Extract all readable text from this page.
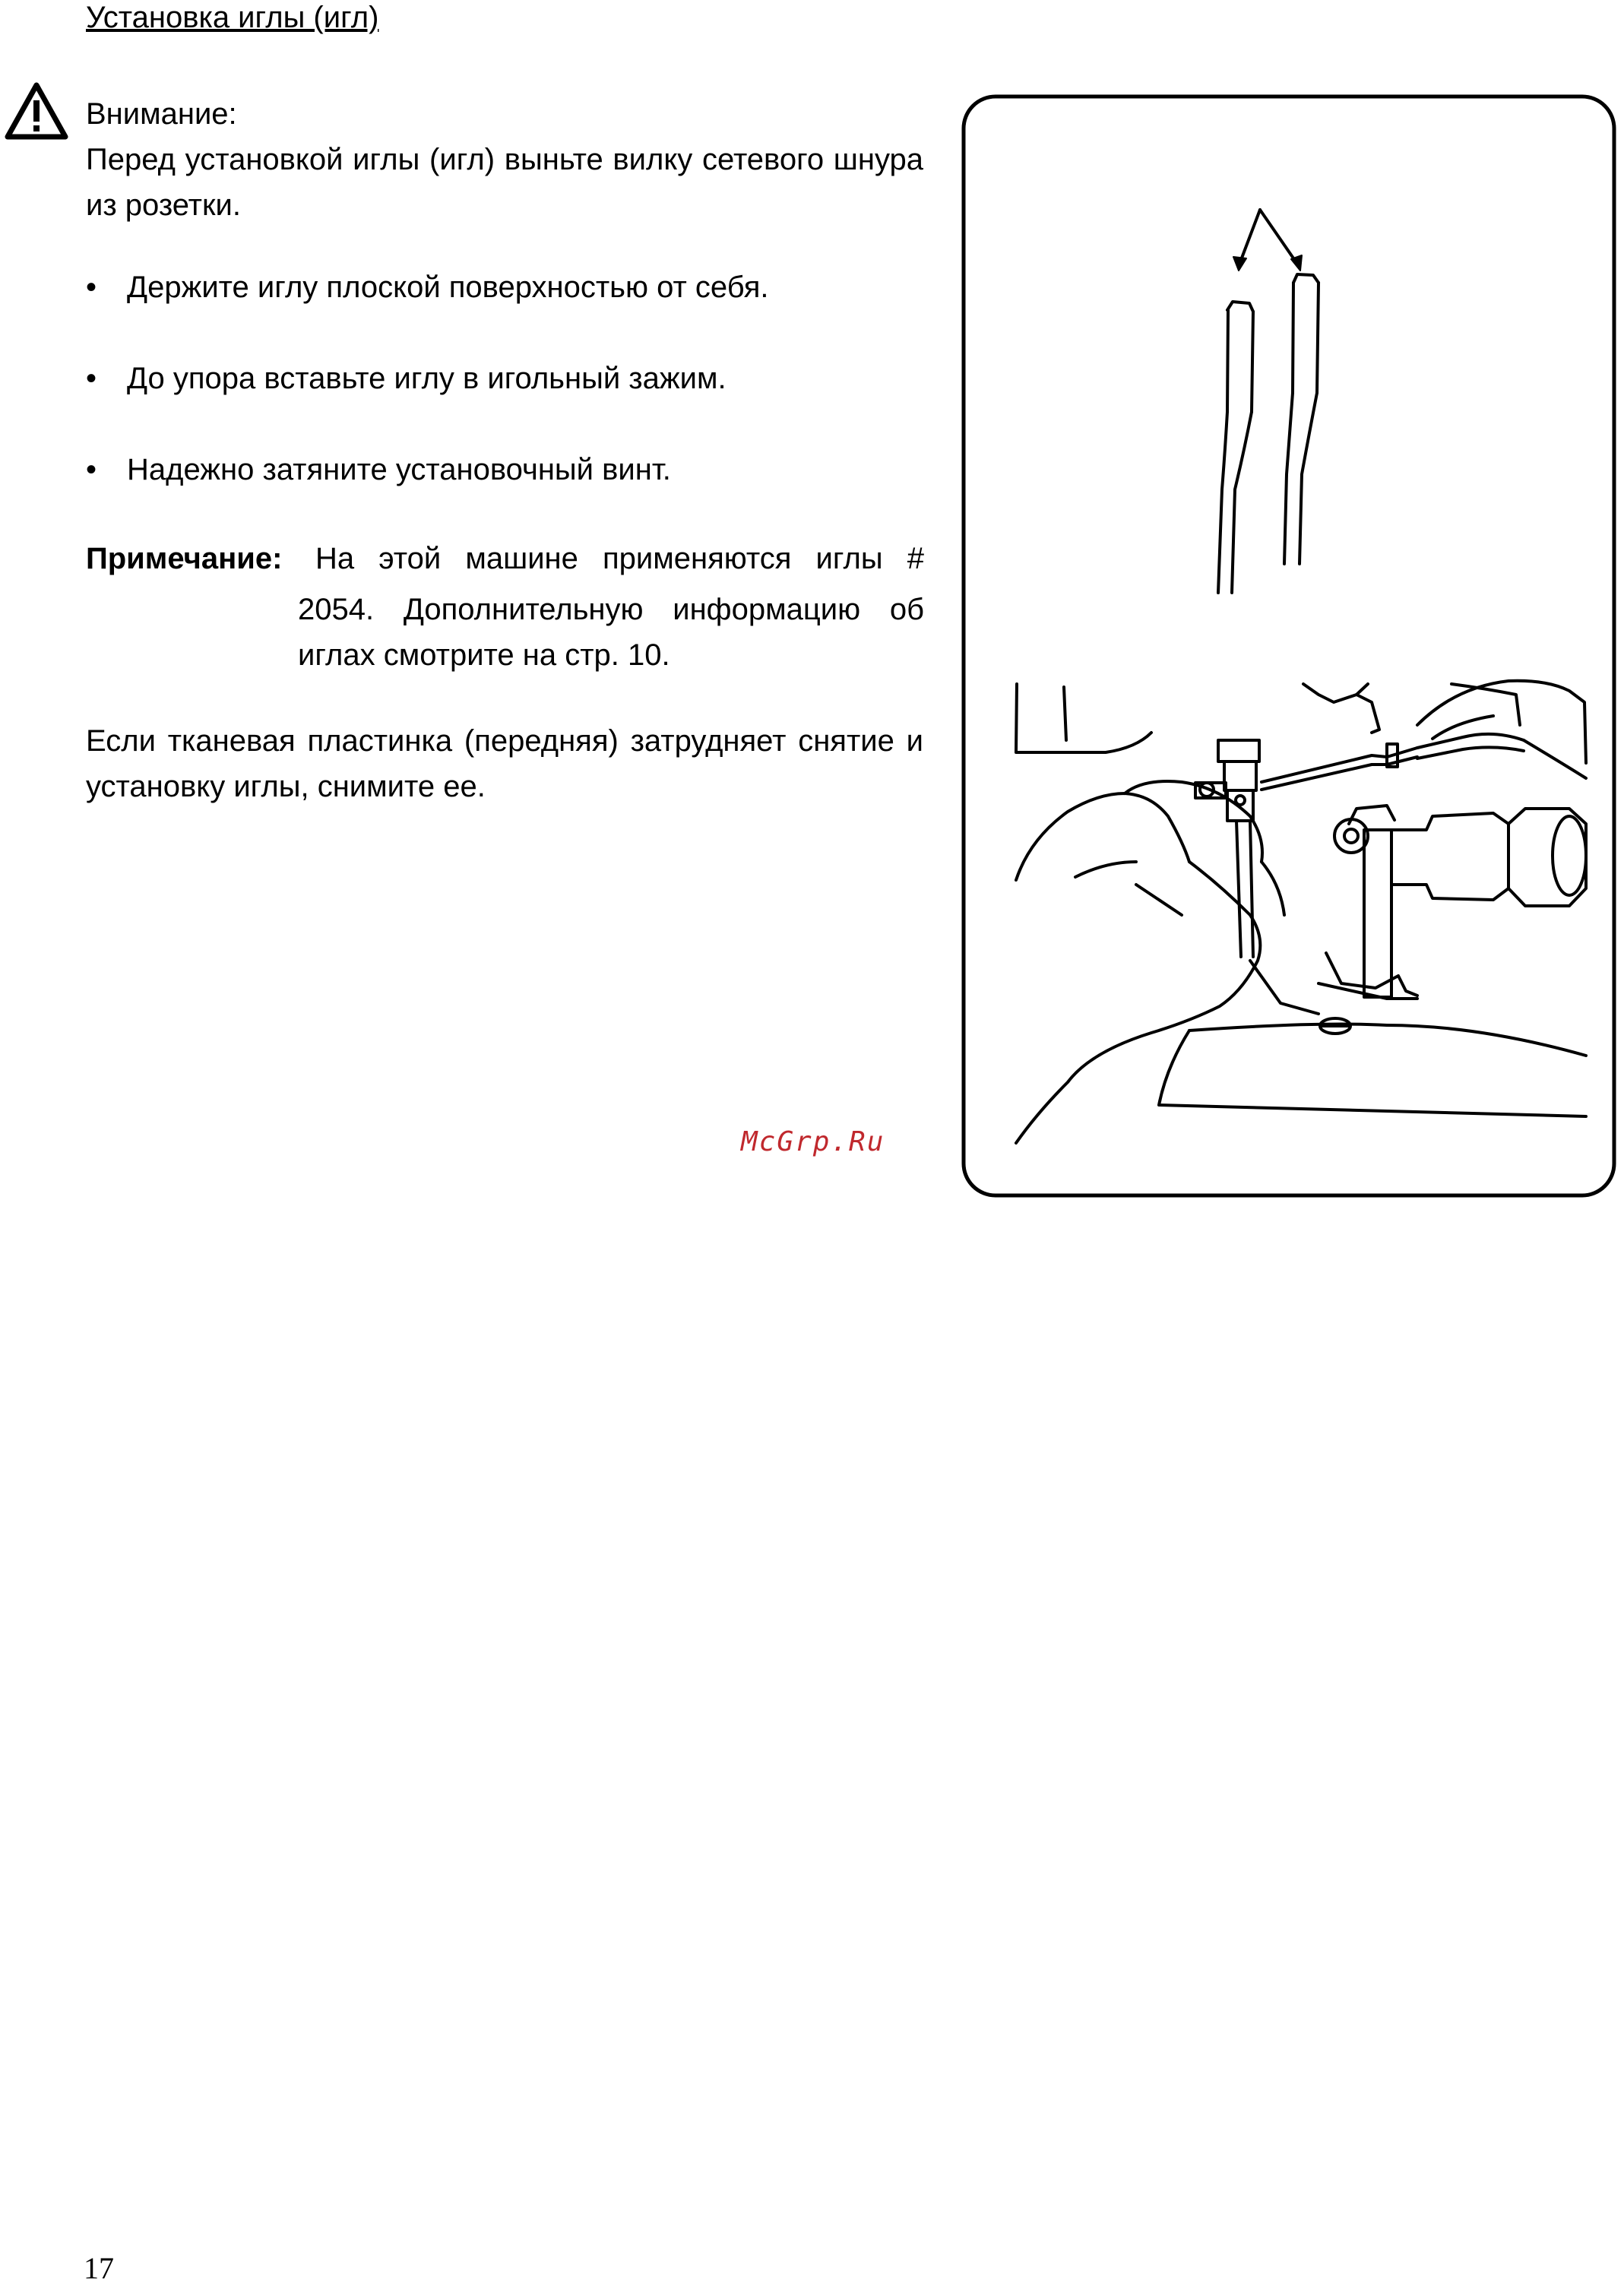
Установка иглы (игл)
Внимание:
Перед установкой иглы (игл) выньте вилку сетевого шнура из розетки.
• Держите иглу плоской поверхностью от себя.
• До упора вставьте иглу в игольный зажим.
• Надежно затяните установочный винт.
Примечание: На этой машине применяются иглы #
2054. Дополнительную информацию об иглах смотрите на стр. 10.
Если тканевая пластинка (передняя) затрудняет снятие и установку иглы, снимите ее.
McGrp.Ru
17
